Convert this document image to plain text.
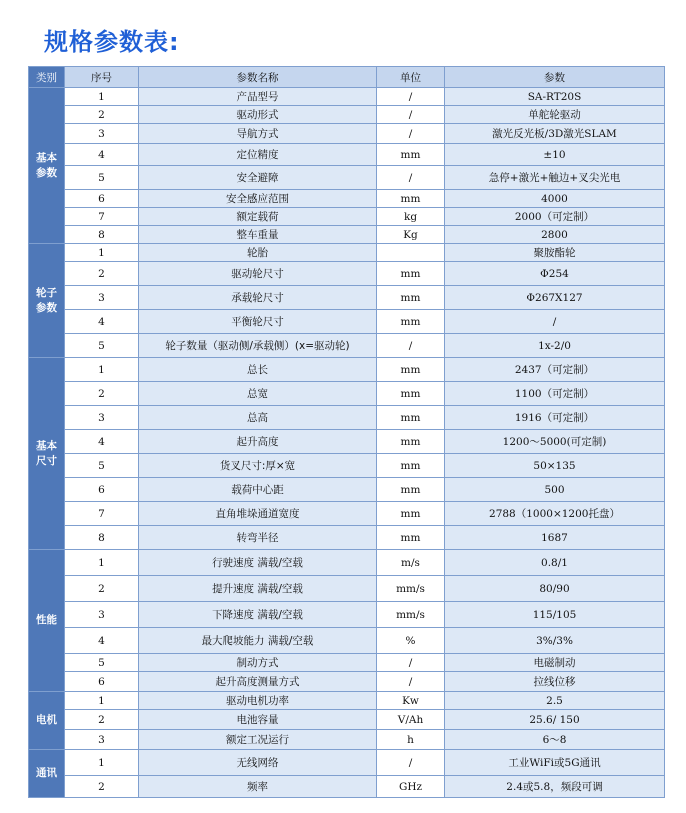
规格参数表:
类别	序号	参数名称	单位	参数
基本
参数	1	产品型号	/	SA-RT20S
	2	驱动形式	/	单舵轮驱动
	3	导航方式	/	激光反光板/3D激光SLAM
	4	定位精度	mm	±10
	5	安全避障	/	急停+激光+触边+叉尖光电
	6	安全感应范围	mm	4000
	7	额定载荷	kg	2000（可定制）
	8	整车重量	Kg	2800
轮子
参数	1	轮胎		聚胺酯轮
	2	驱动轮尺寸	mm	Φ254
	3	承载轮尺寸	mm	Φ267X127
	4	平衡轮尺寸	mm	/
	5	轮子数量（驱动侧/承载侧）(x=驱动轮)	/	1x-2/0
基本
尺寸	1	总长	mm	2437（可定制）
	2	总宽	mm	1100（可定制）
	3	总高	mm	1916（可定制）
	4	起升高度	mm	1200～5000(可定制)
	5	货叉尺寸:厚×宽	mm	50×135
	6	载荷中心距	mm	500
	7	直角堆垛通道宽度	mm	2788（1000×1200托盘）
	8	转弯半径	mm	1687
性能	1	行驶速度 满载/空载	m/s	0.8/1
	2	提升速度 满载/空载	mm/s	80/90
	3	下降速度 满载/空载	mm/s	115/105
	4	最大爬坡能力 满载/空载	%	3%/3%
	5	制动方式	/	电磁制动
	6	起升高度测量方式	/	拉线位移
电机	1	驱动电机功率	Kw	2.5
	2	电池容量	V/Ah	25.6/ 150
	3	额定工况运行	h	6～8
通讯	1	无线网络	/	工业WiFi或5G通讯
	2	频率	GHz	2.4或5.8，频段可调
